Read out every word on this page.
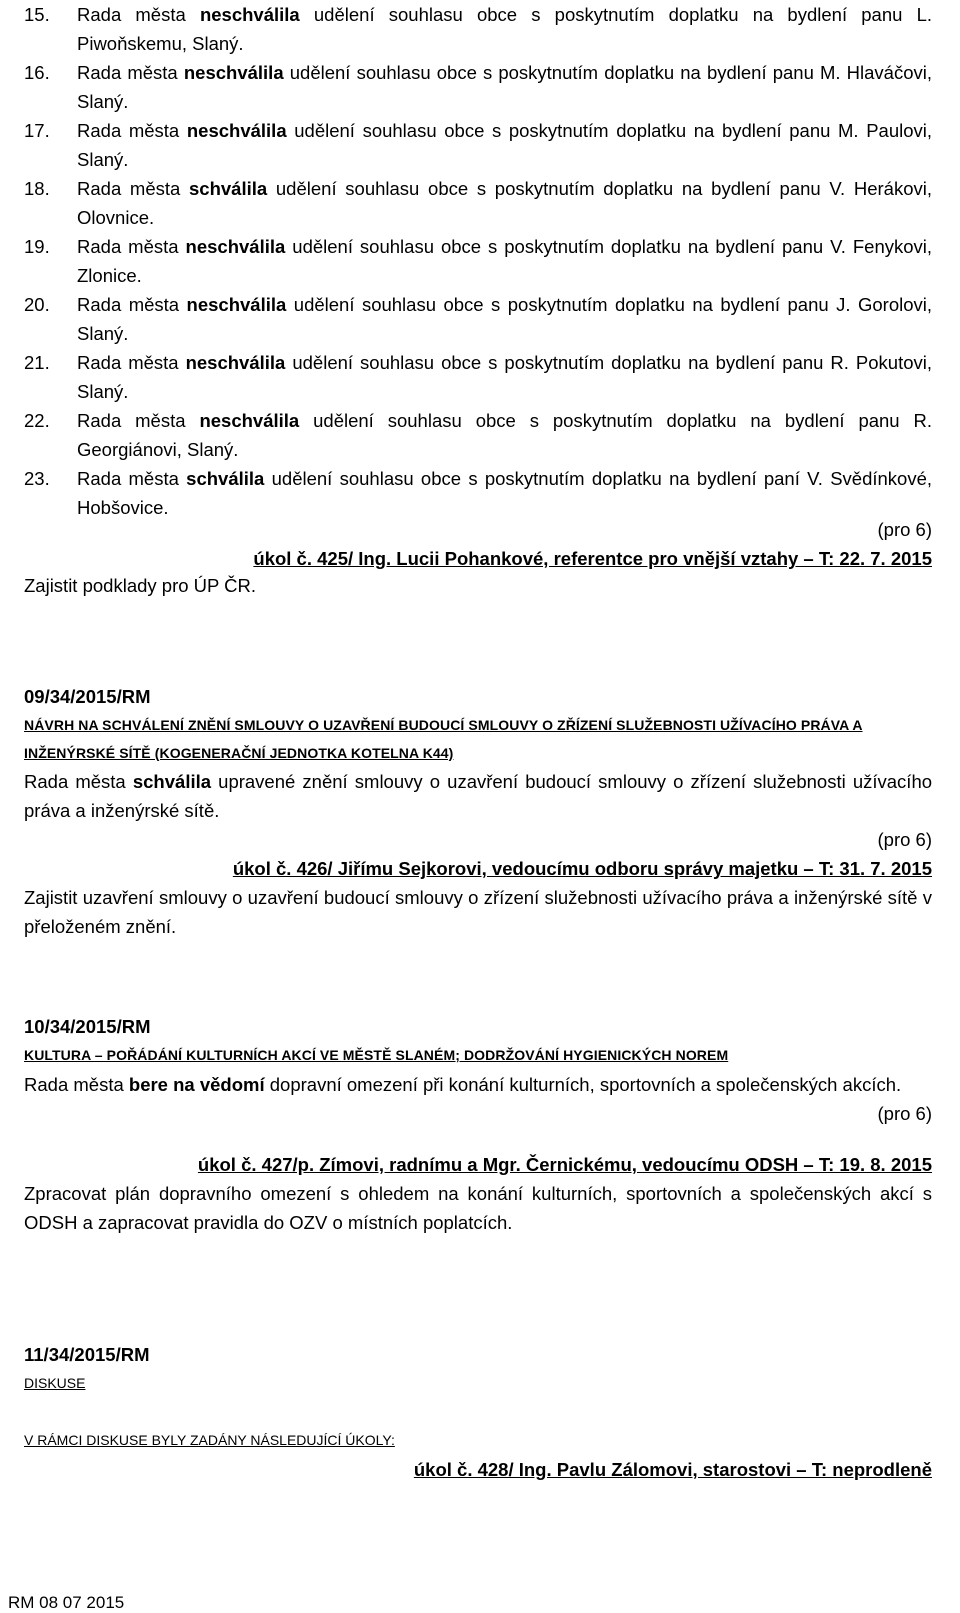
15. Rada města neschválila udělení souhlasu obce s poskytnutím doplatku na bydlení panu L. Piwoňskemu, Slaný.
16. Rada města neschválila udělení souhlasu obce s poskytnutím doplatku na bydlení panu M. Hlaváčovi, Slaný.
17. Rada města neschválila udělení souhlasu obce s poskytnutím doplatku na bydlení panu M. Paulovi, Slaný.
18. Rada města schválila udělení souhlasu obce s poskytnutím doplatku na bydlení panu V. Herákovi, Olovnice.
19. Rada města neschválila udělení souhlasu obce s poskytnutím doplatku na bydlení panu V. Fenykovi, Zlonice.
20. Rada města neschválila udělení souhlasu obce s poskytnutím doplatku na bydlení panu J. Gorolovi, Slaný.
21. Rada města neschválila udělení souhlasu obce s poskytnutím doplatku na bydlení panu R. Pokutovi, Slaný.
22. Rada města neschválila udělení souhlasu obce s poskytnutím doplatku na bydlení panu R. Georgiánovi, Slaný.
23. Rada města schválila udělení souhlasu obce s poskytnutím doplatku na bydlení paní V. Svědínkové, Hobšovice.
(pro 6)
úkol č. 425/ Ing. Lucii Pohankové, referentce pro vnější vztahy – T: 22. 7. 2015
Zajistit podklady pro ÚP ČR.
09/34/2015/RM
NÁVRH NA SCHVÁLENÍ ZNĚNÍ SMLOUVY O UZAVŘENÍ BUDOUCÍ SMLOUVY O ZŘÍZENÍ SLUŽEBNOSTI UŽÍVACÍHO PRÁVA A
INŽENÝRSKÉ SÍTĚ (KOGENERAČNÍ JEDNOTKA KOTELNA K44)
Rada města schválila upravené znění smlouvy o uzavření budoucí smlouvy o zřízení služebnosti užívacího práva a inženýrské sítě.
(pro 6)
úkol č. 426/ Jiřímu Sejkorovi, vedoucímu odboru správy majetku – T: 31. 7. 2015
Zajistit uzavření smlouvy o uzavření budoucí smlouvy o zřízení služebnosti užívacího práva a inženýrské sítě v přeloženém znění.
10/34/2015/RM
KULTURA – POŘÁDÁNÍ KULTURNÍCH AKCÍ VE MĚSTĚ SLANÉM; DODRŽOVÁNÍ HYGIENICKÝCH NOREM
Rada města bere na vědomí dopravní omezení při konání kulturních, sportovních a společenských akcích.
(pro 6)
úkol č. 427/p. Zímovi, radnímu a Mgr. Černickému, vedoucímu ODSH – T: 19. 8. 2015
Zpracovat plán dopravního omezení s ohledem na konání kulturních, sportovních a společenských akcí s ODSH a zapracovat pravidla do OZV o místních poplatcích.
11/34/2015/RM
DISKUSE
V RÁMCI DISKUSE BYLY ZADÁNY NÁSLEDUJÍCÍ ÚKOLY:
úkol č. 428/ Ing. Pavlu Zálomovi, starostovi – T: neprodleně
RM 08 07 2015
